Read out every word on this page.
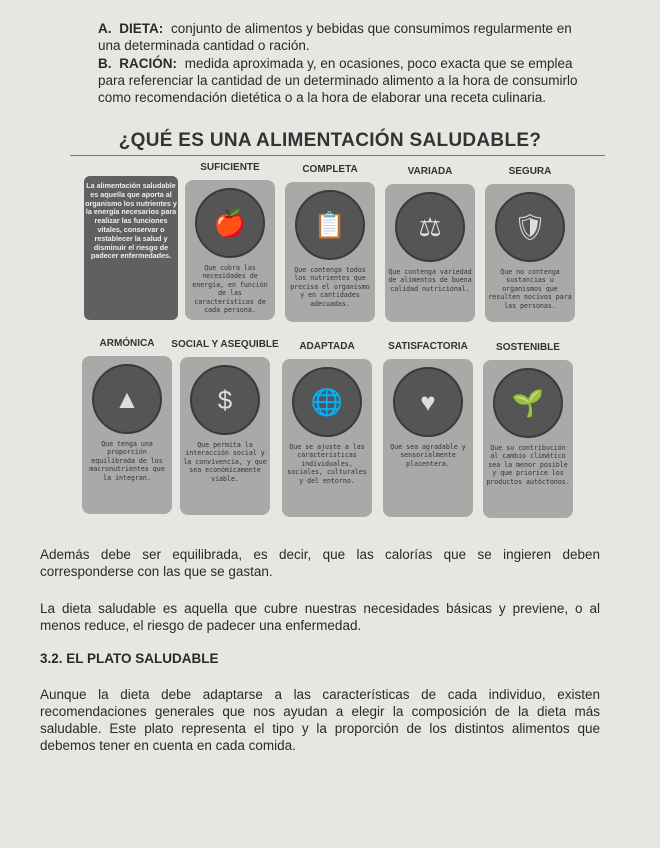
A. DIETA: conjunto de alimentos y bebidas que consumimos regularmente en una determinada cantidad o ración.
B. RACIÓN: medida aproximada y, en ocasiones, poco exacta que se emplea para referenciar la cantidad de un determinado alimento a la hora de consumirlo como recomendación dietética o a la hora de elaborar una receta culinaria.
¿QUÉ ES UNA ALIMENTACIÓN SALUDABLE?
La alimentación saludable es aquella que aporta al organismo los nutrientes y la energía necesarios para realizar las funciones vitales, conservar o restablecer la salud y disminuir el riesgo de padecer enfermedades.
SUFICIENTE
🍎
Que cubra las necesidades de energía, en función de las características de cada persona.
COMPLETA
📋
Que contenga todos los nutrientes que precisa el organismo y en cantidades adecuadas.
VARIADA
⚖
Que contenga variedad de alimentos de buena calidad nutricional.
SEGURA
🛡
Que no contenga sustancias u organismos que resulten nocivos para las personas.
ARMÓNICA
▲
Que tenga una proporción equilibrada de los macronutrientes que la integran.
SOCIAL Y ASEQUIBLE
$
Que permita la interacción social y la convivencia, y que sea económicamente viable.
ADAPTADA
🌐
Que se ajuste a las características individuales, sociales, culturales y del entorno.
SATISFACTORIA
♥
Que sea agradable y sensorialmente placentera.
SOSTENIBLE
🌱
Que su contribución al cambio climático sea la menor posible y que priorice los productos autóctonos.
Además debe ser equilibrada, es decir, que las calorías que se ingieren deben corresponderse con las que se gastan.
La dieta saludable es aquella que cubre nuestras necesidades básicas y previene, o al menos reduce, el riesgo de padecer una enfermedad.
3.2. EL PLATO SALUDABLE
Aunque la dieta debe adaptarse a las características de cada individuo, existen recomendaciones generales que nos ayudan a elegir la composición de la dieta más saludable. Este plato representa el tipo y la proporción de los distintos alimentos que debemos tener en cuenta en cada comida.
